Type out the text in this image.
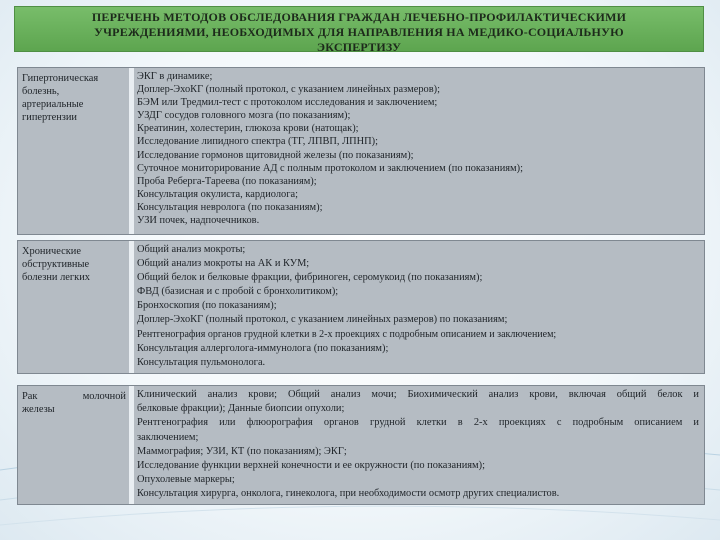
ПЕРЕЧЕНЬ МЕТОДОВ ОБСЛЕДОВАНИЯ ГРАЖДАН ЛЕЧЕБНО-ПРОФИЛАКТИЧЕСКИМИ
УЧРЕЖДЕНИЯМИ, НЕОБХОДИМЫХ ДЛЯ НАПРАВЛЕНИЯ НА МЕДИКО-СОЦИАЛЬНУЮ
ЭКСПЕРТИЗУ
Гипертоническая
болезнь,
артериальные
гипертензии
ЭКГ в динамике;
Доплер-ЭхоКГ (полный протокол, с указанием линейных размеров);
БЭМ или Тредмил-тест с протоколом исследования и заключением;
УЗДГ сосудов головного мозга (по показаниям);
Креатинин, холестерин, глюкоза крови (натощак);
Исследование липидного спектра (ТГ, ЛПВП, ЛПНП);
Исследование гормонов щитовидной железы (по показаниям);
Суточное мониторирование АД с полным протоколом и заключением (по показаниям);
Проба Реберга-Тареева (по показаниям);
Консультация окулиста, кардиолога;
Консультация невролога (по показаниям);
УЗИ почек, надпочечников.
Хронические
обструктивные
болезни легких
Общий анализ мокроты;
Общий анализ мокроты на АК и КУМ;
Общий белок и белковые фракции, фибриноген, серомукоид (по показаниям);
ФВД (базисная и с пробой с бронхолитиком);
Бронхоскопия (по показаниям);
Доплер-ЭхоКГ (полный протокол, с указанием линейных размеров) по показаниям;
Рентгенография органов грудной клетки в 2-х проекциях с подробным описанием и заключением;
Консультация аллерголога-иммунолога (по показаниям);
Консультация пульмонолога.
Рак молочной
железы
Клинический анализ крови; Общий анализ мочи; Биохимический анализ крови, включая общий белок и
белковые фракции); Данные биопсии опухоли;
Рентгенография или флюорография органов грудной клетки в 2-х проекциях с подробным описанием и
заключением;
Маммография; УЗИ, КТ (по показаниям); ЭКГ;
Исследование функции верхней конечности и ее окружности (по показаниям);
Опухолевые маркеры;
Консультация хирурга, онколога, гинеколога, при необходимости осмотр других специалистов.
